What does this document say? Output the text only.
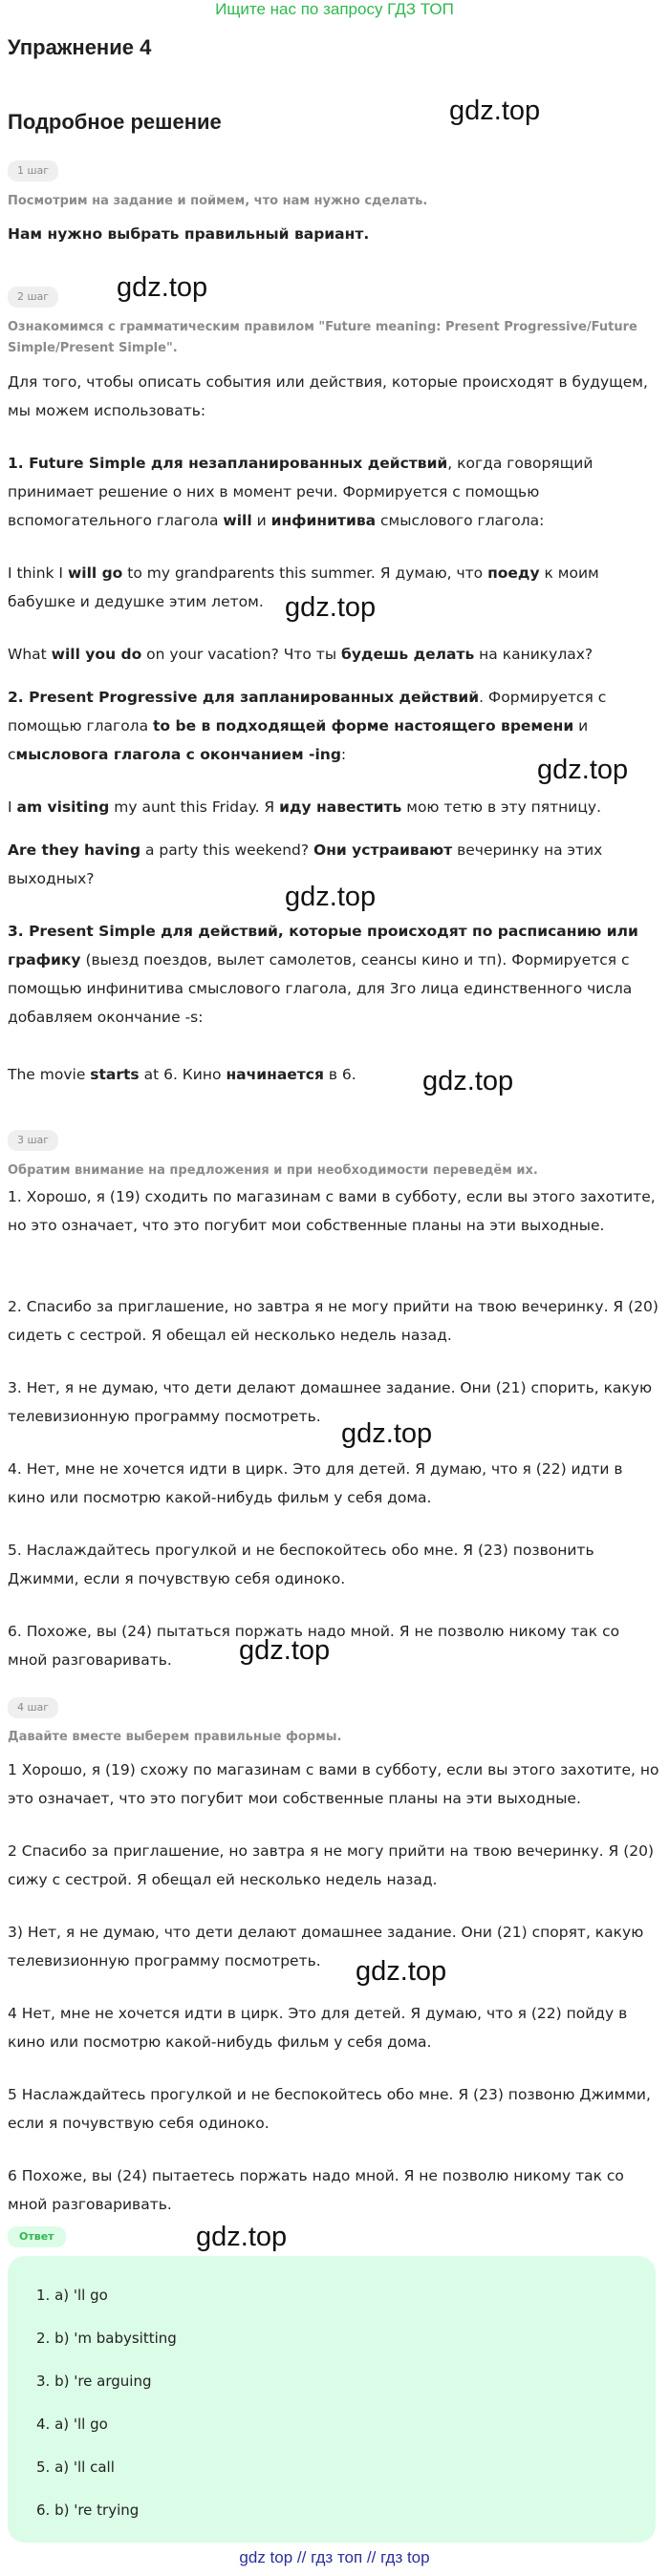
Ищите нас по запросу ГДЗ ТОП
Упражнение 4
Подробное решение	gdz.top
gdz.top
gdz.top
gdz.top
gdz.top
gdz.top
gdz.top
gdz.top
gdz.top
gdz.top
1 шаг
Посмотрим на задание и поймем, что нам нужно сделать.
Нам нужно выбрать правильный вариант.
2 шаг
Ознакомимся с грамматическим правилом "Future meaning: Present Progressive/Future
Simple/Present Simple".
Для того, чтобы описать события или действия, которые происходят в будущем, мы можем использовать:
1. Future Simple для незапланированных действий, когда говорящий принимает решение о них в момент речи. Формируется с помощью вспомогательного глагола will и инфинитива смыслового глагола:
I think I will go to my grandparents this summer. Я думаю, что поеду к моим бабушке и дедушке этим летом.
What will you do on your vacation? Что ты будешь делать на каникулах?
2. Present Progressive для запланированных действий. Формируется с помощью глагола to be в подходящей форме настоящего времени и смысловога глагола с окончанием -ing:
I am visiting my aunt this Friday. Я иду навестить мою тетю в эту пятницу.
Are they having a party this weekend? Они устраивают вечеринку на этих выходных?
3. Present Simple для действий, которые происходят по расписанию или графику (выезд поездов, вылет самолетов, сеансы кино и тп). Формируется с помощью инфинитива смыслового глагола, для 3го лица единственного числа добавляем окончание -s:
The movie starts at 6. Кино начинается в 6.
3 шаг
Обратим внимание на предложения и при необходимости переведём их.
1. Хорошо, я (19) сходить по магазинам с вами в субботу, если вы этого захотите, но это означает, что это погубит мои собственные планы на эти выходные.
2. Спасибо за приглашение, но завтра я не могу прийти на твою вечеринку. Я (20) сидеть с сестрой. Я обещал ей несколько недель назад.
3. Нет, я не думаю, что дети делают домашнее задание. Они (21) спорить, какую телевизионную программу посмотреть.
4. Нет, мне не хочется идти в цирк. Это для детей. Я думаю, что я (22) идти в кино или посмотрю какой-нибудь фильм у себя дома.
5. Наслаждайтесь прогулкой и не беспокойтесь обо мне. Я (23) позвонить Джимми, если я почувствую себя одиноко.
6. Похоже, вы (24) пытаться поржать надо мной. Я не позволю никому так со мной разговаривать.
4 шаг
Давайте вместе выберем правильные формы.
1 Хорошо, я (19) схожу по магазинам с вами в субботу, если вы этого захотите, но это означает, что это погубит мои собственные планы на эти выходные.
2 Спасибо за приглашение, но завтра я не могу прийти на твою вечеринку. Я (20) сижу с сестрой. Я обещал ей несколько недель назад.
3) Нет, я не думаю, что дети делают домашнее задание. Они (21) спорят, какую телевизионную программу посмотреть.
4 Нет, мне не хочется идти в цирк. Это для детей. Я думаю, что я (22) пойду в кино или посмотрю какой-нибудь фильм у себя дома.
5 Наслаждайтесь прогулкой и не беспокойтесь обо мне. Я (23) позвоню Джимми, если я почувствую себя одиноко.
6 Похоже, вы (24) пытаетесь поржать надо мной. Я не позволю никому так со мной разговаривать.
Ответ
1. a) 'll go
2. b) 'm babysitting
3. b) 're arguing
4. a) 'll go
5. a) 'll call
6. b) 're trying
gdz top // гдз топ // гдз top
